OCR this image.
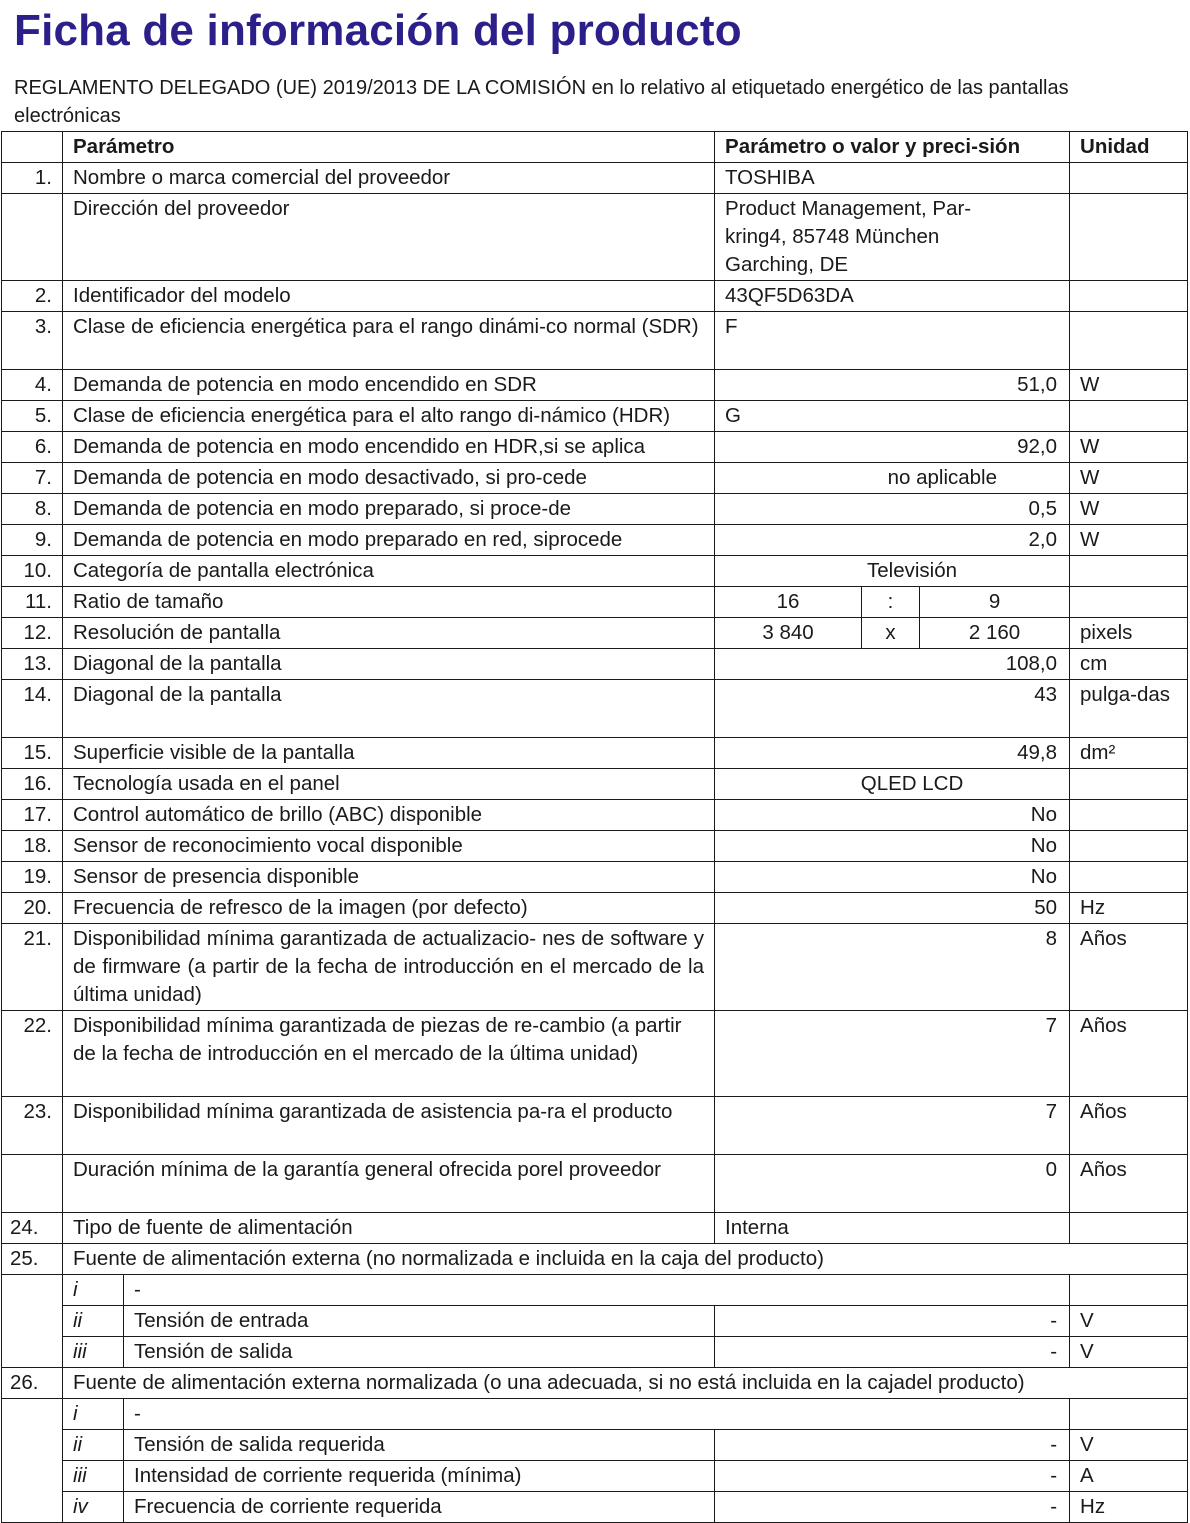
Ficha de información del producto
REGLAMENTO DELEGADO (UE) 2019/2013 DE LA COMISIÓN en lo relativo al etiquetado energético de las pantallas electrónicas
	Parámetro		Parámetro o valor y preci-sión			Unidad
1.	Nombre o marca comercial del proveedor		TOSHIBA			
	Dirección del proveedor		Product Management, Par-
kring4, 85748 München
Garching, DE			

2.	Identificador del modelo		43QF5D63DA			
3.	Clase de eficiencia energética para el rango dinámi-co normal (SDR)		F			
4.	Demanda de potencia en modo encendido en SDR		51,0			W
5.	Clase de eficiencia energética para el alto rango di-námico (HDR)		G			
6.	Demanda de potencia en modo encendido en HDR,si se aplica		92,0			W
7.	Demanda de potencia en modo desactivado, si pro-cede		no aplicable			W
8.	Demanda de potencia en modo preparado, si proce-de		0,5			W
9.	Demanda de potencia en modo preparado en red, siprocede		2,0			W
10.	Categoría de pantalla electrónica		Televisión			
11.	Ratio de tamaño		16	:	9	
12.	Resolución de pantalla		3 840	x	2 160	pixels
13.	Diagonal de la pantalla		108,0			cm
14.	Diagonal de la pantalla		43			pulga-das
15.	Superficie visible de la pantalla		49,8			dm²
16.	Tecnología usada en el panel		QLED LCD			
17.	Control automático de brillo (ABC) disponible		No			
18.	Sensor de reconocimiento vocal disponible		No			
19.	Sensor de presencia disponible		No			
20.	Frecuencia de refresco de la imagen (por defecto)		50			Hz
21.	Disponibilidad mínima garantizada de actualizacio- nes de software y de firmware (a partir de la fecha de introducción en el mercado de la última unidad)		8			Años
22.	Disponibilidad mínima garantizada de piezas de re-cambio (a partir de la fecha de introducción en el mercado de la última unidad)		7			Años
23.	Disponibilidad mínima garantizada de asistencia pa-ra el producto		7			Años
	Duración mínima de la garantía general ofrecida porel proveedor		0			Años
24.	Tipo de fuente de alimentación		Interna			
25.	Fuente de alimentación externa (no normalizada e incluida en la caja del producto)					
	i	-				
	ii	Tensión de entrada	-			V
	iii	Tensión de salida	-			V
26.	Fuente de alimentación externa normalizada (o una adecuada, si no está incluida en la cajadel producto)					
	i	-				
	ii	Tensión de salida requerida	-			V
	iii	Intensidad de corriente requerida (mínima)	-			A
	iv	Frecuencia de corriente requerida	-			Hz
